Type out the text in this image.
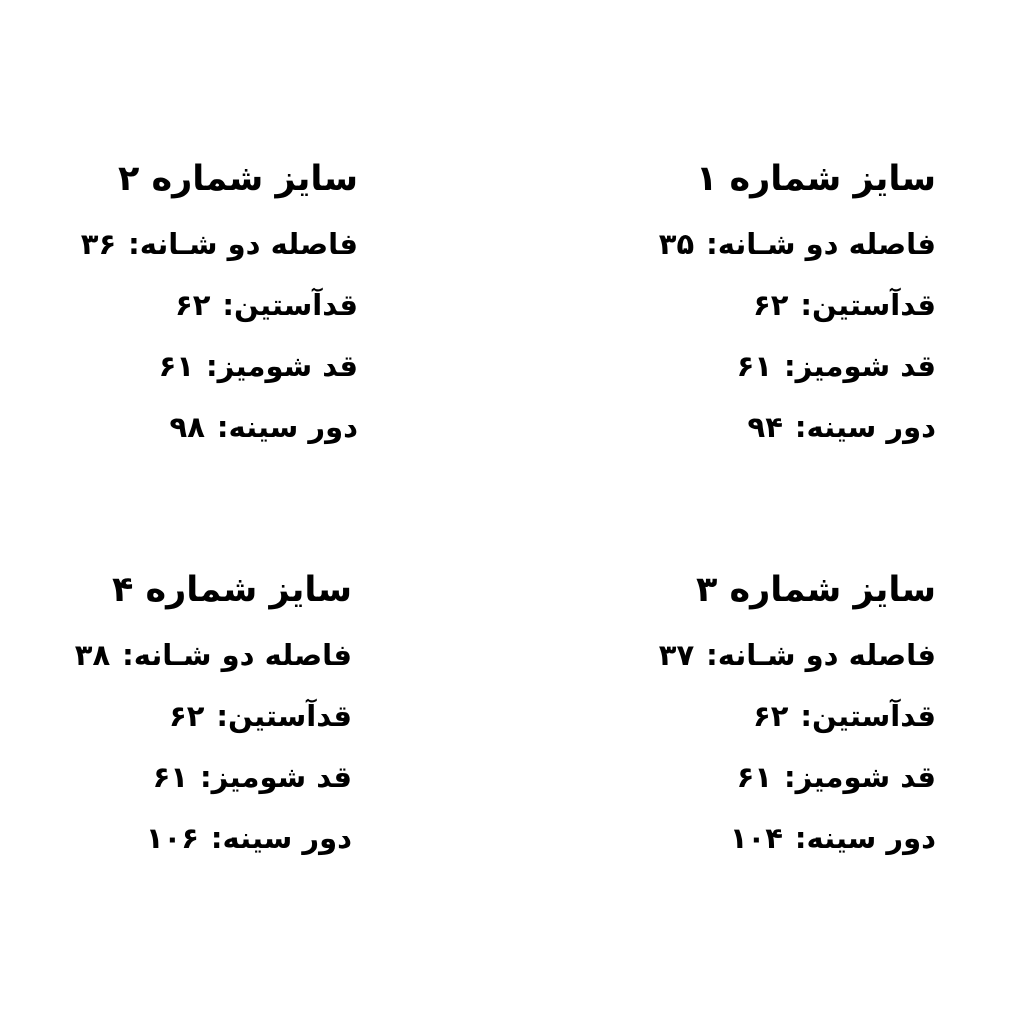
سایز شماره ۱
فاصله دو شـانه:۳۵
قدآستین:۶۲
قد شومیز:۶۱
دور سینه:۹۴
سایز شماره ۲
فاصله دو شـانه:۳۶
قدآستین:۶۲
قد شومیز:۶۱
دور سینه:۹۸
سایز شماره ۳
فاصله دو شـانه:۳۷
قدآستین:۶۲
قد شومیز:۶۱
دور سینه:۱۰۴
سایز شماره ۴
فاصله دو شـانه:۳۸
قدآستین:۶۲
قد شومیز:۶۱
دور سینه:۱۰۶
